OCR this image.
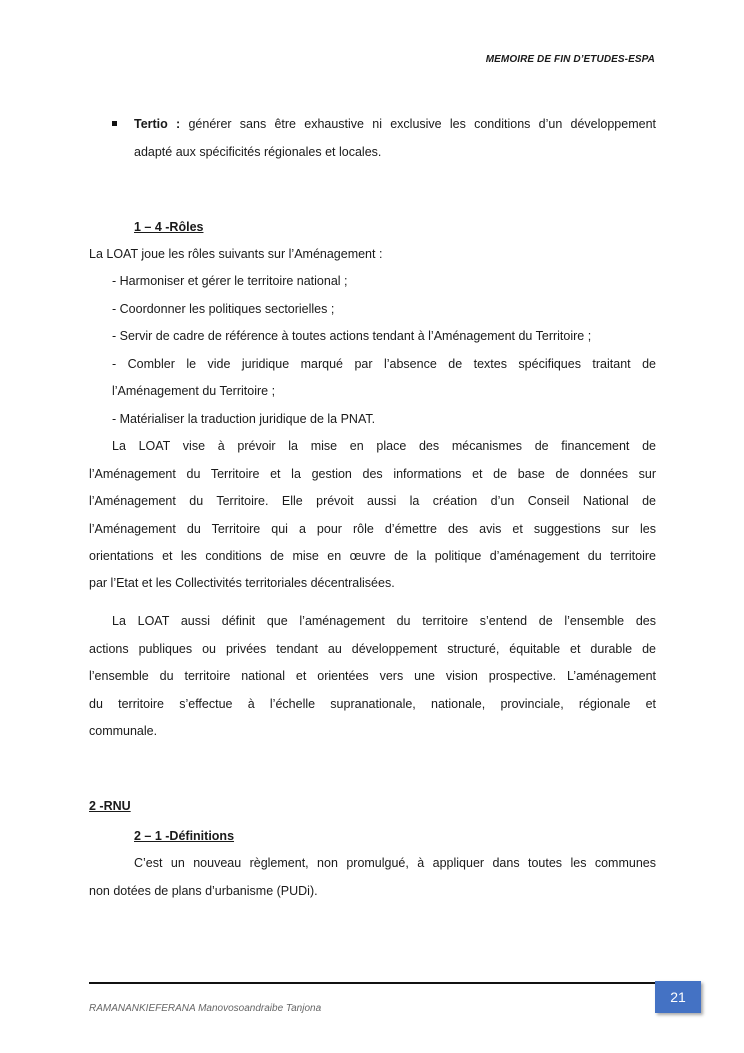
MEMOIRE DE FIN D’ETUDES-ESPA
Tertio : générer sans être exhaustive ni exclusive les conditions d’un développement
adapté aux spécificités régionales et locales.
1 – 4 -Rôles
La LOAT joue les rôles suivants sur l’Aménagement :
- Harmoniser et gérer le territoire national ;
- Coordonner les politiques sectorielles ;
- Servir de cadre de référence à toutes actions tendant à l’Aménagement du Territoire ;
- Combler le vide juridique marqué par l’absence de textes spécifiques traitant de
l’Aménagement du Territoire ;
- Matérialiser la traduction juridique de la PNAT.
La LOAT vise à prévoir la mise en place des mécanismes de financement de
l’Aménagement du Territoire et la gestion des informations et de base de données sur
l’Aménagement du Territoire. Elle prévoit aussi la création d’un Conseil National de
l’Aménagement du Territoire qui a pour rôle d’émettre des avis et suggestions sur les
orientations et les conditions de mise en œuvre de la politique d’aménagement du territoire
par l’Etat et les Collectivités territoriales décentralisées.
La LOAT aussi définit que l’aménagement du territoire s’entend de l’ensemble des
actions publiques ou privées tendant au développement structuré, équitable et durable de
l’ensemble du territoire national et orientées vers une vision prospective. L’aménagement
du territoire s’effectue à l’échelle supranationale, nationale, provinciale, régionale et
communale.
2 -RNU
2 – 1 -Définitions
C’est un nouveau règlement, non promulgué, à appliquer dans toutes les communes
non dotées de plans d’urbanisme (PUDi).
RAMANANKIEFERANA Manovosoandraibe Tanjona
21
